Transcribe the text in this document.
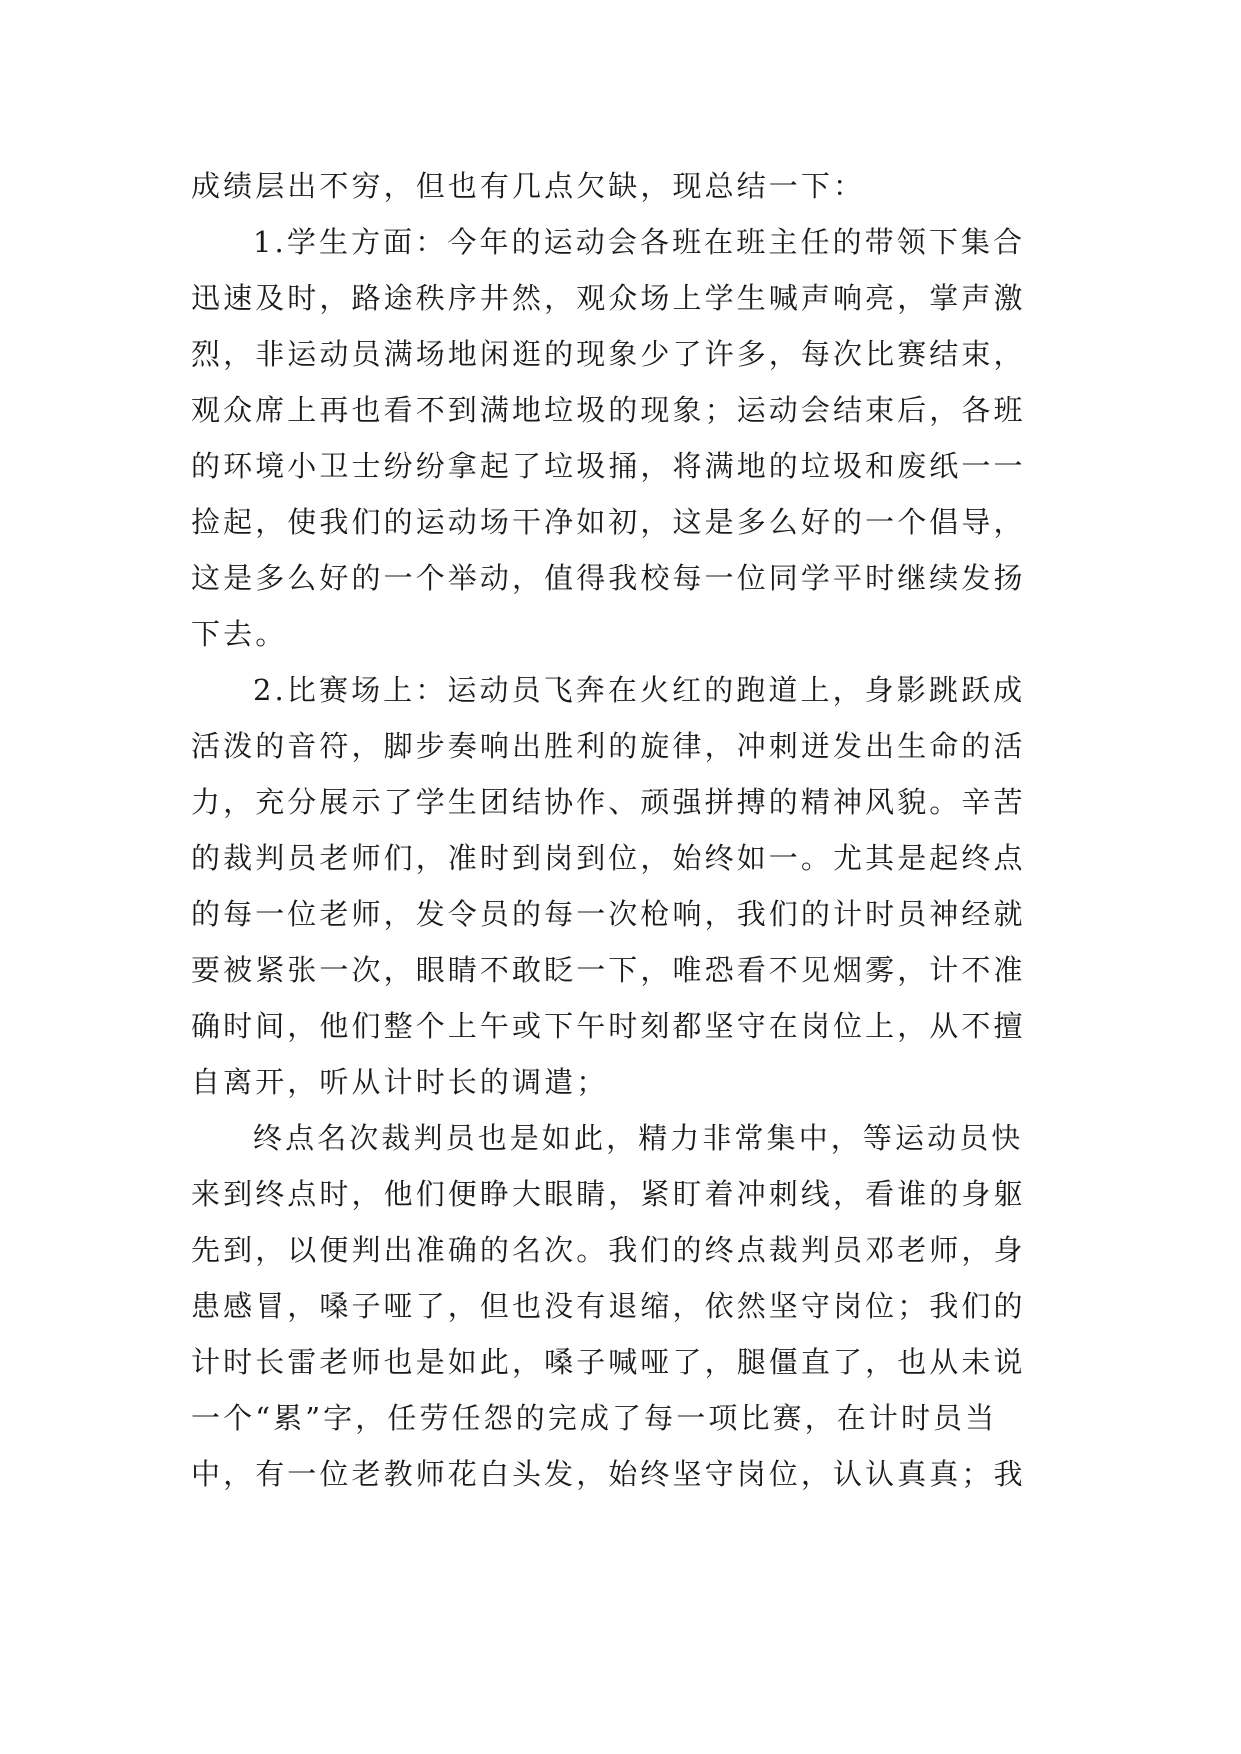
成绩层出不穷，但也有几点欠缺，现总结一下：
1.学生方面：今年的运动会各班在班主任的带领下集合
迅速及时，路途秩序井然，观众场上学生喊声响亮，掌声激
烈，非运动员满场地闲逛的现象少了许多，每次比赛结束，
观众席上再也看不到满地垃圾的现象；运动会结束后，各班
的环境小卫士纷纷拿起了垃圾捅，将满地的垃圾和废纸一一
捡起，使我们的运动场干净如初，这是多么好的一个倡导，
这是多么好的一个举动，值得我校每一位同学平时继续发扬
下去。
2.比赛场上：运动员飞奔在火红的跑道上，身影跳跃成
活泼的音符，脚步奏响出胜利的旋律，冲刺迸发出生命的活
力，充分展示了学生团结协作、顽强拼搏的精神风貌。辛苦
的裁判员老师们，准时到岗到位，始终如一。尤其是起终点
的每一位老师，发令员的每一次枪响，我们的计时员神经就
要被紧张一次，眼睛不敢眨一下，唯恐看不见烟雾，计不准
确时间，他们整个上午或下午时刻都坚守在岗位上，从不擅
自离开，听从计时长的调遣；
终点名次裁判员也是如此，精力非常集中，等运动员快
来到终点时，他们便睁大眼睛，紧盯着冲刺线，看谁的身躯
先到，以便判出准确的名次。我们的终点裁判员邓老师，身
患感冒，嗓子哑了，但也没有退缩，依然坚守岗位；我们的
计时长雷老师也是如此，嗓子喊哑了，腿僵直了，也从未说
一个“累”字，任劳任怨的完成了每一项比赛，在计时员当
中，有一位老教师花白头发，始终坚守岗位，认认真真；我
